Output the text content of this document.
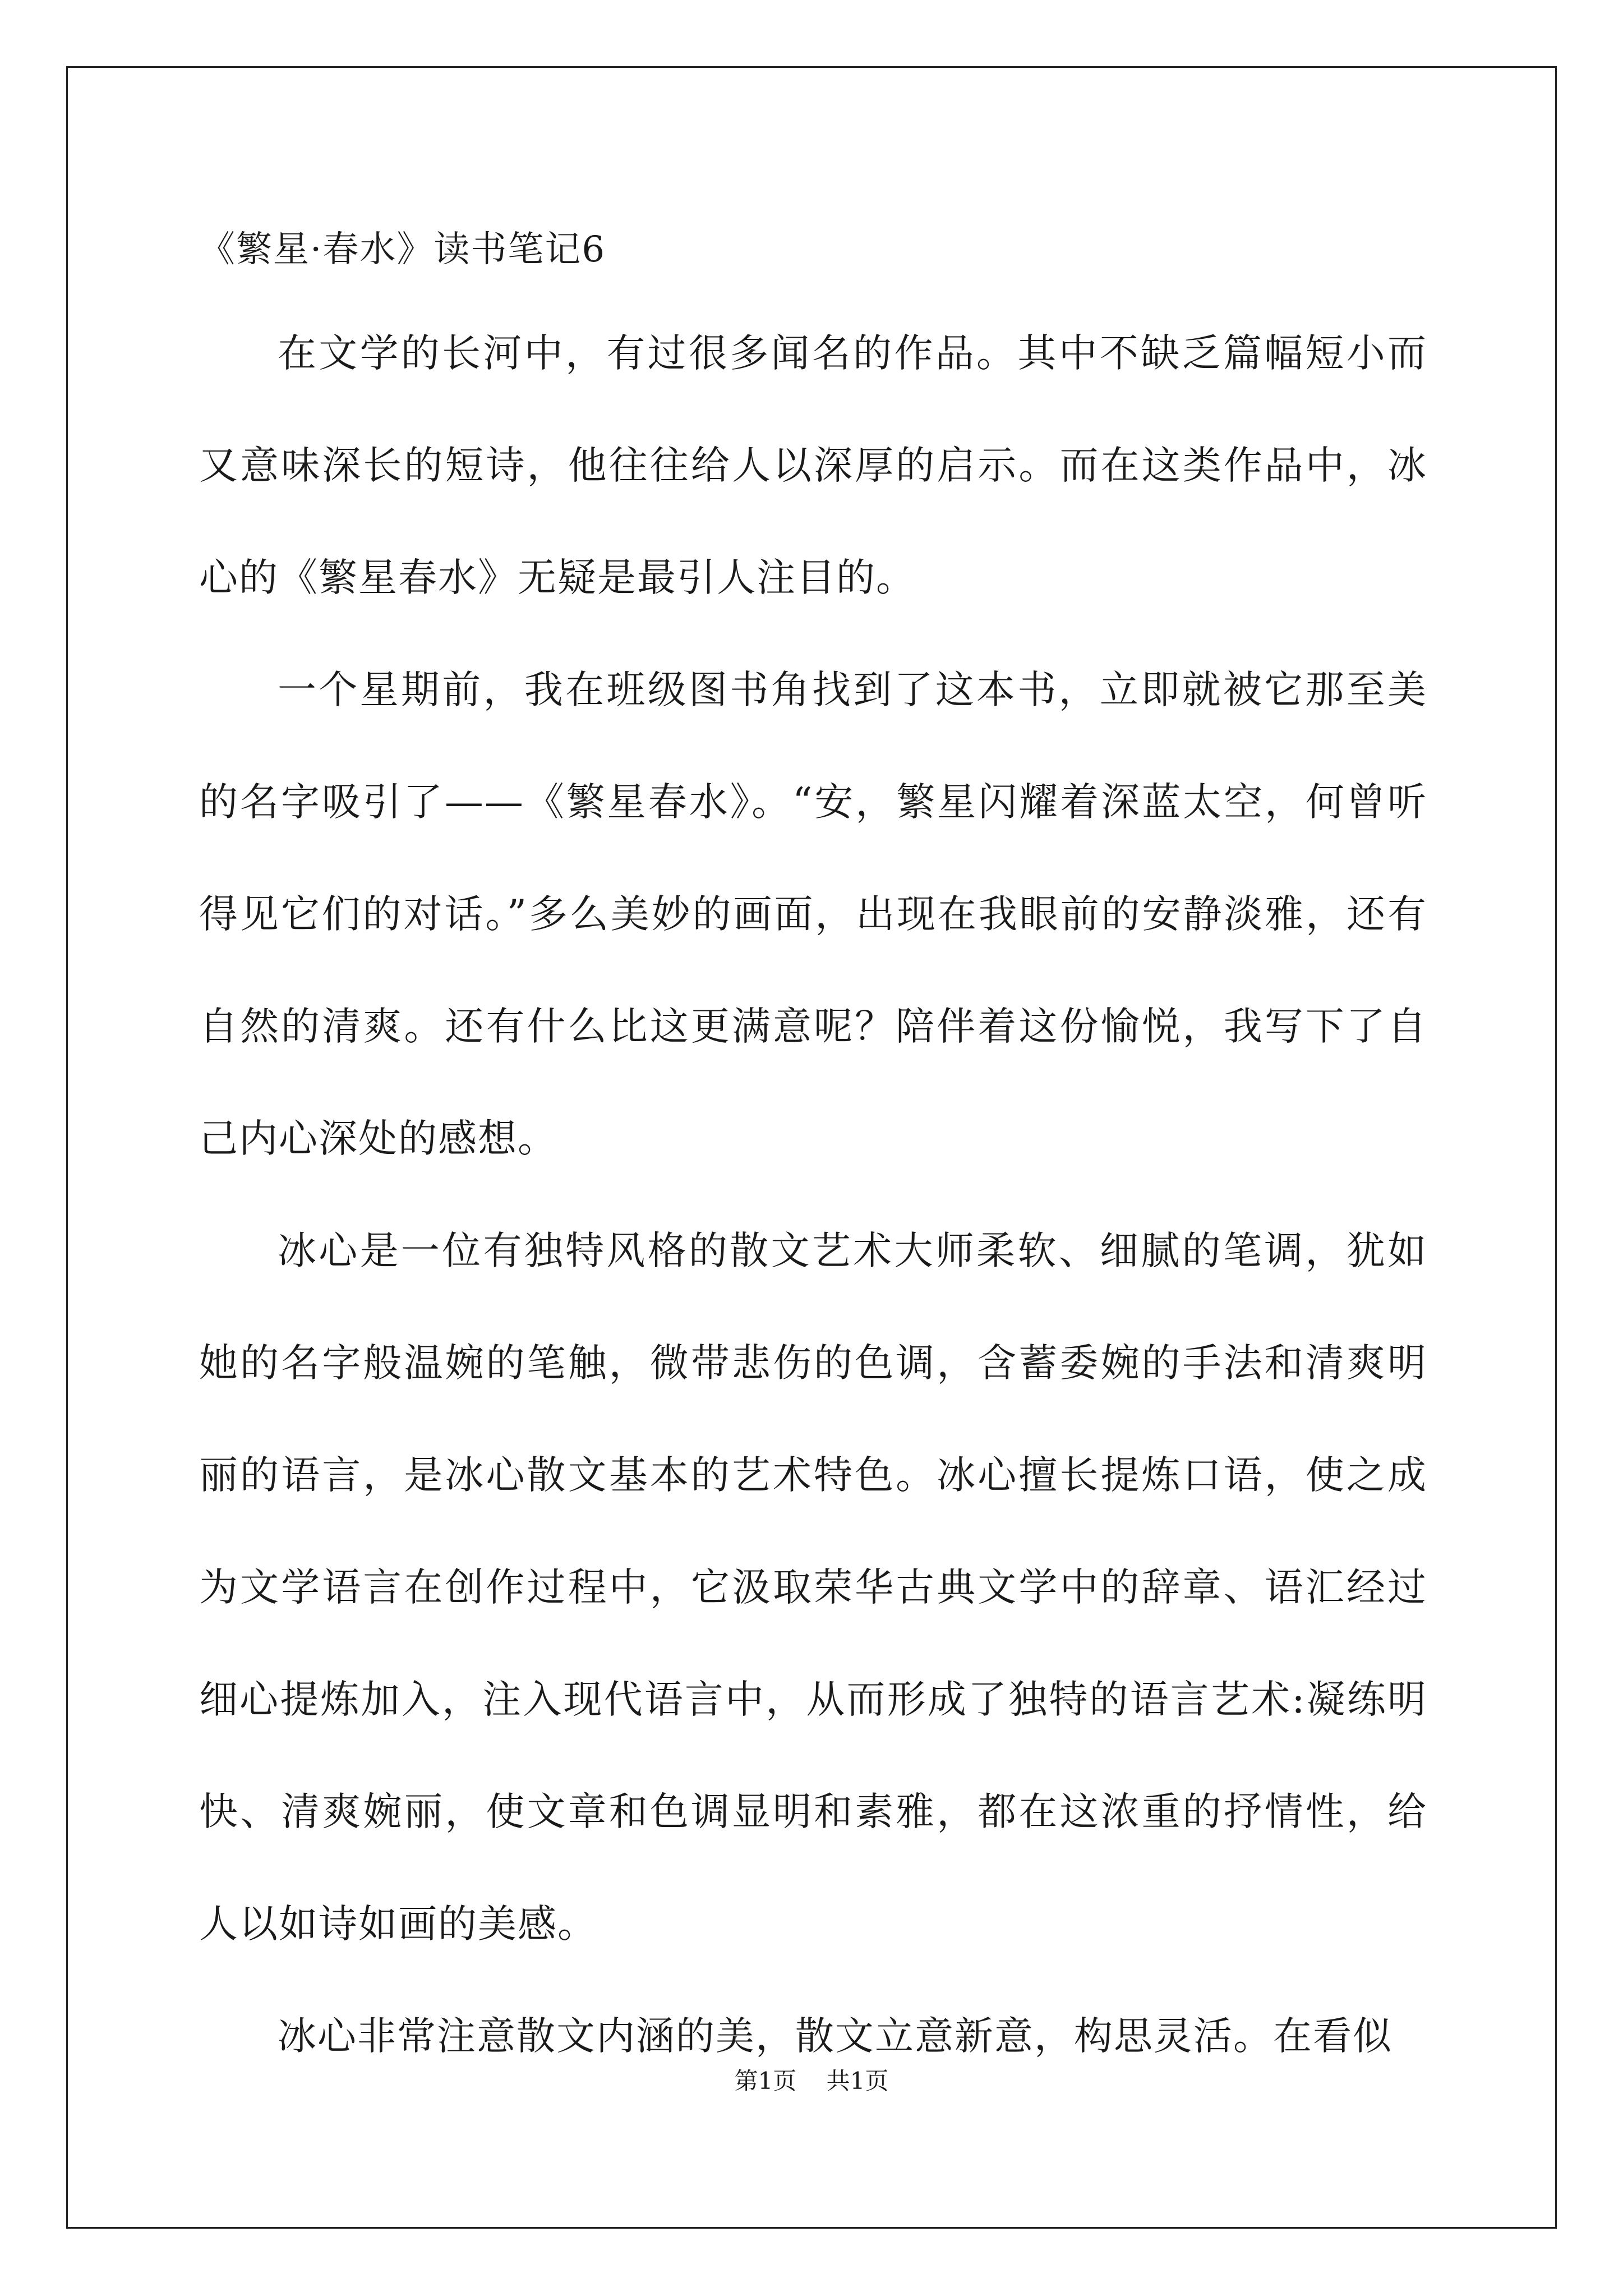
《繁星·春水》读书笔记6

在文学的长河中，有过很多闻名的作品。其中不缺乏篇幅短小而又意味深长的短诗，他往往给人以深厚的启示。而在这类作品中，冰心的《繁星春水》无疑是最引人注目的。

一个星期前，我在班级图书角找到了这本书，立即就被它那至美的名字吸引了——《繁星春水》。“安，繁星闪耀着深蓝太空，何曾听得见它们的对话。”多么美妙的画面，出现在我眼前的安静淡雅，还有自然的清爽。还有什么比这更满意呢？陪伴着这份愉悦，我写下了自己内心深处的感想。

冰心是一位有独特风格的散文艺术大师柔软、细腻的笔调，犹如她的名字般温婉的笔触，微带悲伤的色调，含蓄委婉的手法和清爽明丽的语言，是冰心散文基本的艺术特色。冰心擅长提炼口语，使之成为文学语言在创作过程中，它汲取荣华古典文学中的辞章、语汇经过细心提炼加入，注入现代语言中，从而形成了独特的语言艺术:凝练明快、清爽婉丽，使文章和色调显明和素雅，都在这浓重的抒情性，给人以如诗如画的美感。

冰心非常注意散文内涵的美，散文立意新意，构思灵活。在看似

第1页 共1页
